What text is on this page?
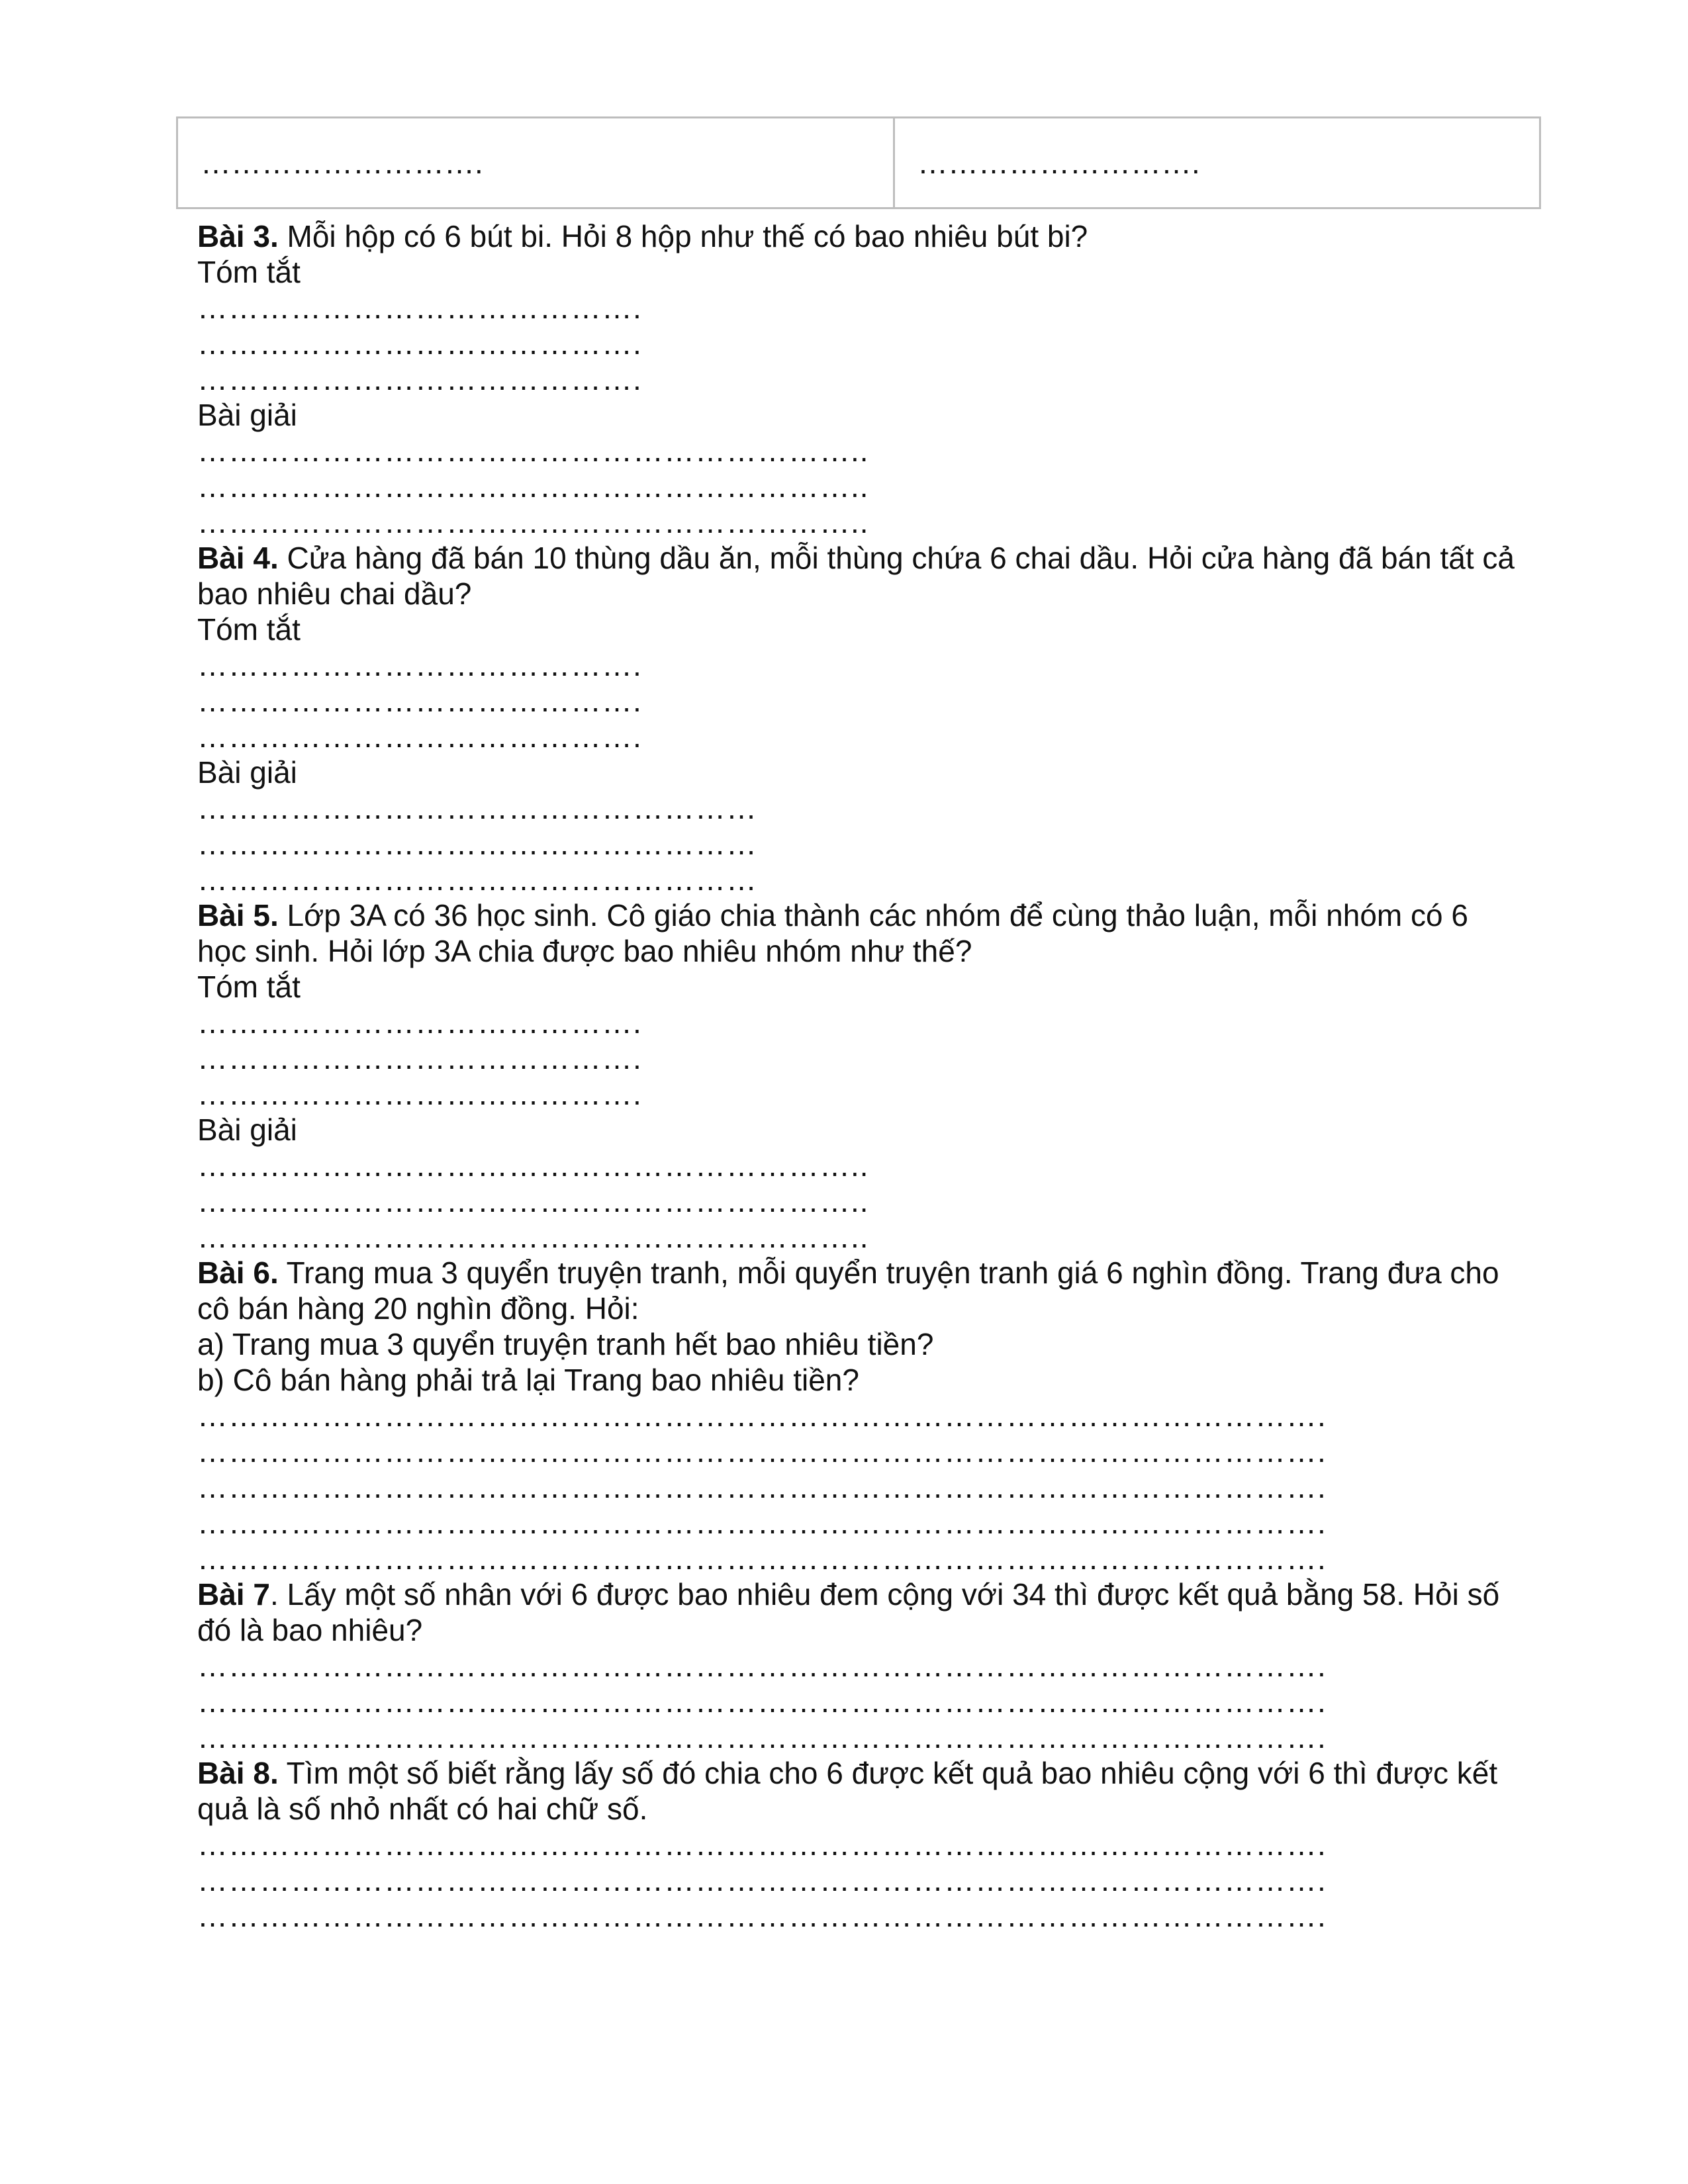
……………………….	……………………….
Bài 3. Mỗi hộp có 6 bút bi. Hỏi 8 hộp như thế có bao nhiêu bút bi?
Tóm tắt
…………………………………….
…………………………………….
…………………………………….
Bài giải
………………………………………………………..
………………………………………………………..
………………………………………………………..
Bài 4. Cửa hàng đã bán 10 thùng dầu ăn, mỗi thùng chứa 6 chai dầu. Hỏi cửa hàng đã bán tất cả bao nhiêu chai dầu?
Tóm tắt
…………………………………….
…………………………………….
…………………………………….
Bài giải
………………………………………………
………………………………………………
………………………………………………
Bài 5. Lớp 3A có 36 học sinh. Cô giáo chia thành các nhóm để cùng thảo luận, mỗi nhóm có 6 học sinh. Hỏi lớp 3A chia được bao nhiêu nhóm như thế?
Tóm tắt
…………………………………….
…………………………………….
…………………………………….
Bài giải
………………………………………………………..
………………………………………………………..
………………………………………………………..
Bài 6. Trang mua 3 quyển truyện tranh, mỗi quyển truyện tranh giá 6 nghìn đồng. Trang đưa cho cô bán hàng 20 nghìn đồng. Hỏi:
a) Trang mua 3 quyển truyện tranh hết bao nhiêu tiền?
b) Cô bán hàng phải trả lại Trang bao nhiêu tiền?
……………………………………………………………………………………………….
……………………………………………………………………………………………….
……………………………………………………………………………………………….
……………………………………………………………………………………………….
……………………………………………………………………………………………….
Bài 7. Lấy một số nhân với 6 được bao nhiêu đem cộng với 34 thì được kết quả bằng 58. Hỏi số đó là bao nhiêu?
……………………………………………………………………………………………….
……………………………………………………………………………………………….
……………………………………………………………………………………………….
Bài 8. Tìm một số biết rằng lấy số đó chia cho 6 được kết quả bao nhiêu cộng với 6 thì được kết quả là số nhỏ nhất có hai chữ số.
……………………………………………………………………………………………….
……………………………………………………………………………………………….
……………………………………………………………………………………………….
